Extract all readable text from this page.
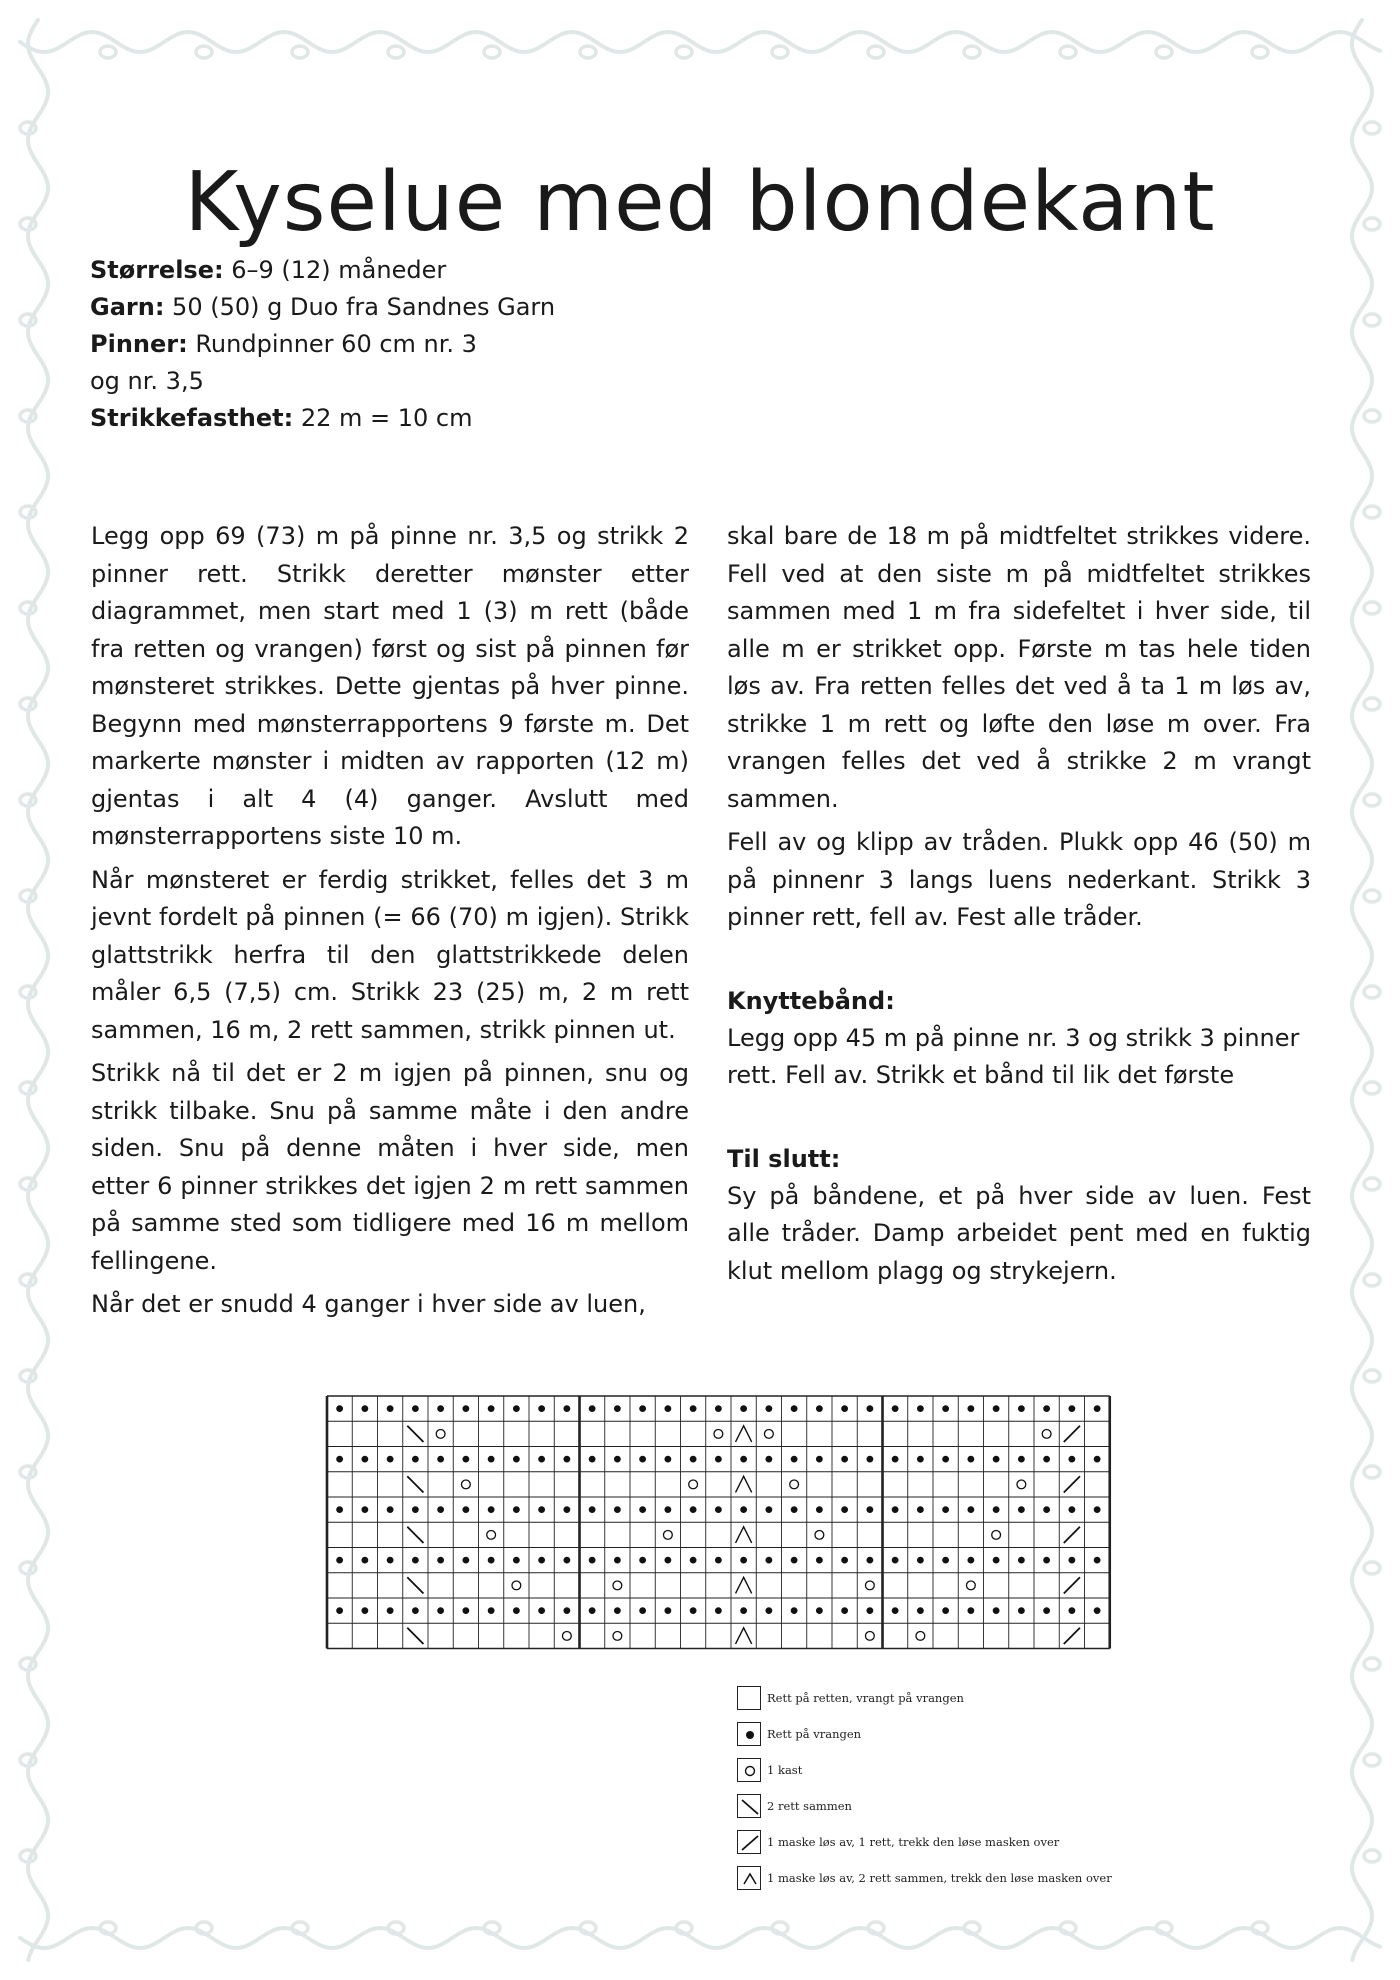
Kyselue med blondekant
Størrelse: 6–9 (12) måneder
Garn: 50 (50) g Duo fra Sandnes Garn
Pinner: Rundpinner 60 cm nr. 3
og nr. 3,5
Strikkefasthet: 22 m = 10 cm

Legg opp 69 (73) m på pinne nr. 3,5 og strikk 2 pinner rett. Strikk deretter mønster etter diagrammet, men start med 1 (3) m rett (både fra retten og vrangen) først og sist på pinnen før mønsteret strikkes. Dette gjentas på hver pinne. Begynn med mønsterrapportens 9 første m. Det markerte mønster i midten av rapporten (12 m) gjentas i alt 4 (4) ganger. Avslutt med mønsterrapportens siste 10 m.

Når mønsteret er ferdig strikket, felles det 3 m jevnt fordelt på pinnen (= 66 (70) m igjen). Strikk glattstrikk herfra til den glattstrikkede delen måler 6,5 (7,5) cm. Strikk 23 (25) m, 2 m rett sammen, 16 m, 2 rett sammen, strikk pinnen ut.

Strikk nå til det er 2 m igjen på pinnen, snu og strikk tilbake. Snu på samme måte i den andre siden. Snu på denne måten i hver side, men etter 6 pinner strikkes det igjen 2 m rett sammen på samme sted som tidligere med 16 m mellom fellingene.

Når det er snudd 4 ganger i hver side av luen,

skal bare de 18 m på midtfeltet strikkes videre. Fell ved at den siste m på midtfeltet strikkes sammen med 1 m fra sidefeltet i hver side, til alle m er strikket opp. Første m tas hele tiden løs av. Fra retten felles det ved å ta 1 m løs av, strikke 1 m rett og løfte den løse m over. Fra vrangen felles det ved å strikke 2 m vrangt sammen.

Fell av og klipp av tråden. Plukk opp 46 (50) m på pinnenr 3 langs luens nederkant. Strikk 3 pinner rett, fell av. Fest alle tråder.

Knyttebånd:

Legg opp 45 m på pinne nr. 3 og strikk 3 pinner rett. Fell av. Strikk et bånd til lik det første

Til slutt:

Sy på båndene, et på hver side av luen. Fest alle tråder. Damp arbeidet pent med en fuktig klut mellom plagg og strykejern.

Rett på retten, vrangt på vrangen
Rett på vrangen
1 kast
2 rett sammen
1 maske løs av, 1 rett, trekk den løse masken over
1 maske løs av, 2 rett sammen, trekk den løse masken over
